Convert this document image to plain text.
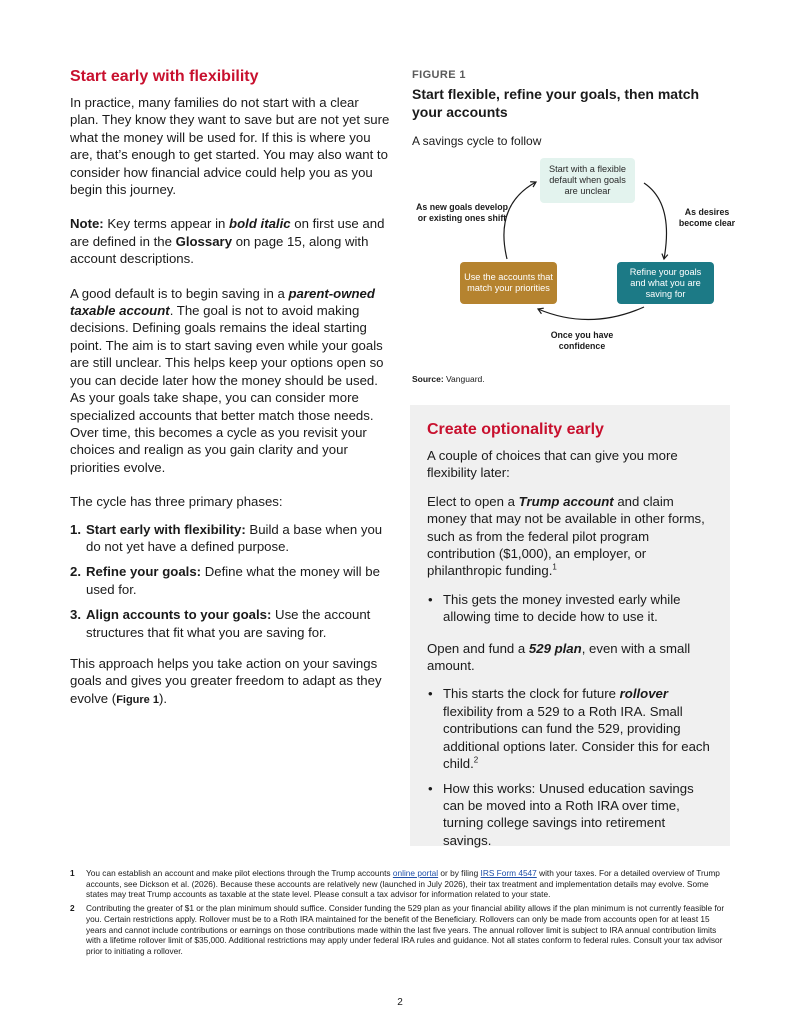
Start early with flexibility

In practice, many families do not start with a clear plan. They know they want to save but are not yet sure what the money will be used for. If this is where you are, that’s enough to get started. You may also want to consider how financial advice could help you as you begin this journey.

Note: Key terms appear in bold italic on first use and are defined in the Glossary on page 15, along with account descriptions.

A good default is to begin saving in a parent-owned taxable account. The goal is not to avoid making decisions. Defining goals remains the ideal starting point. The aim is to start saving even while your goals are still unclear. This helps keep your options open so you can decide later how the money should be used. As your goals take shape, you can consider more specialized accounts that better match those needs. Over time, this becomes a cycle as you revisit your choices and realign as you gain clarity and your priorities evolve.

The cycle has three primary phases:

1. Start early with flexibility: Build a base when you do not yet have a defined purpose.
2. Refine your goals: Define what the money will be used for.
3. Align accounts to your goals: Use the account structures that fit what you are saving for.

This approach helps you take action on your savings goals and gives you greater freedom to adapt as they evolve (Figure 1).

FIGURE 1
Start flexible, refine your goals, then match your accounts
A savings cycle to follow
Start with a flexible default when goals are unclear
Refine your goals and what you are saving for
Use the accounts that match your priorities
As new goals develop or existing ones shift
As desires become clear
Once you have confidence
Source: Vanguard.
Create optionality early

A couple of choices that can give you more flexibility later:

Elect to open a Trump account and claim money that may not be available in other forms, such as from the federal pilot program contribution ($1,000), an employer, or philanthropic funding.$^1$

• This gets the money invested early while allowing time to decide how to use it.

Open and fund a 529 plan, even with a small amount.

• This starts the clock for future rollover flexibility from a 529 to a Roth IRA. Small contributions can fund the 529, providing additional options later. Consider this for each child.$^2$
• How this works: Unused education savings can be moved into a Roth IRA over time, turning college savings into retirement savings.
1	You can establish an account and make pilot elections through the Trump accounts online portal or by filing IRS Form 4547 with your taxes. For a detailed overview of Trump accounts, see Dickson et al. (2026). Because these accounts are relatively new (launched in July 2026), their tax treatment and implementation details may evolve. Some states may treat Trump accounts as taxable at the state level. Please consult a tax advisor for information related to your state.
2	Contributing the greater of $1 or the plan minimum should suffice. Consider funding the 529 plan as your financial ability allows if the plan minimum is not currently feasible for you. Certain restrictions apply. Rollover must be to a Roth IRA maintained for the benefit of the Beneficiary. Rollovers can only be made from accounts open for at least 15 years and cannot include contributions or earnings on those contributions made within the last five years. The annual rollover limit is subject to IRA annual contribution limits with a lifetime rollover limit of $35,000. Additional restrictions may apply under federal IRA rules and guidance. Not all states conform to federal rules. Consult your tax advisor prior to initiating a rollover.
2
